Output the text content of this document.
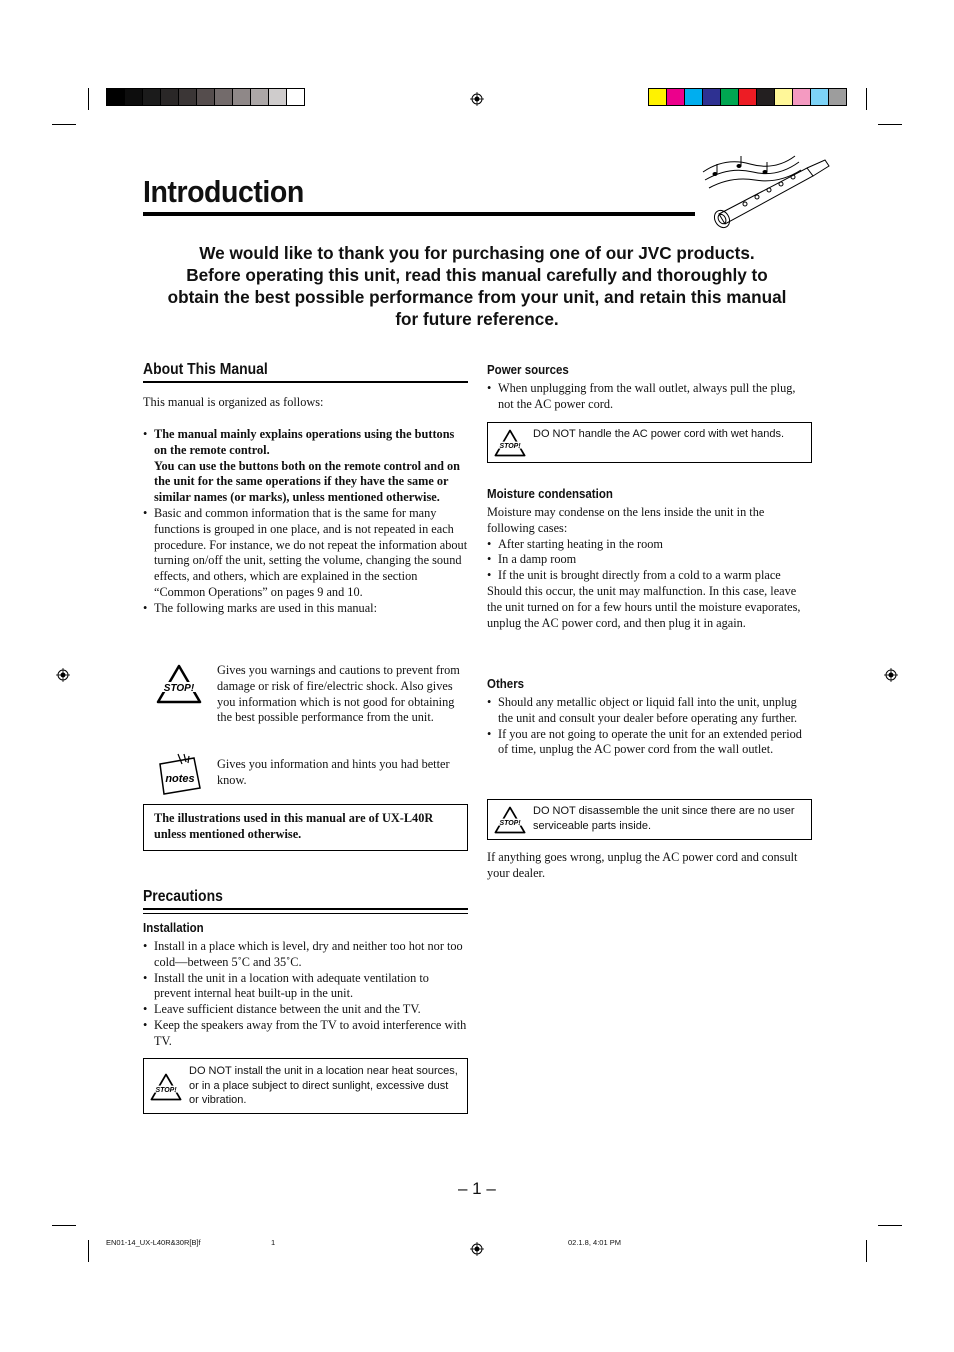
Introduction
We would like to thank you for purchasing one of our JVC products.
Before operating this unit, read this manual carefully and thoroughly to
obtain the best possible performance from your unit, and retain this manual
for future reference.
About This Manual
This manual is organized as follows:
• The manual mainly explains operations using the buttons on the remote control.
You can use the buttons both on the remote control and on the unit for the same operations if they have the same or similar names (or marks), unless mentioned otherwise.
• Basic and common information that is the same for many functions is grouped in one place, and is not repeated in each procedure. For instance, we do not repeat the information about turning on/off the unit, setting the volume, changing the sound effects, and others, which are explained in the section “Common Operations” on pages 9 and 10.
• The following marks are used in this manual:
STOP!
Gives you warnings and cautions to prevent from damage or risk of fire/electric shock. Also gives you information which is not good for obtaining the best possible performance from the unit.
notes
Gives you information and hints you had better know.
The illustrations used in this manual are of UX-L40R unless mentioned otherwise.
Precautions
Installation
• Install in a place which is level, dry and neither too hot nor too cold—between 5˚C and 35˚C.
• Install the unit in a location with adequate ventilation to prevent internal heat built-up in the unit.
• Leave sufficient distance between the unit and the TV.
• Keep the speakers away from the TV to avoid interference with TV.
STOP!
DO NOT install the unit in a location near heat sources, or in a place subject to direct sunlight, excessive dust or vibration.
Power sources
• When unplugging from the wall outlet, always pull the plug, not the AC power cord.
STOP!
DO NOT handle the AC power cord with wet hands.
Moisture condensation
Moisture may condense on the lens inside the unit in the following cases:
• After starting heating in the room
• In a damp room
• If the unit is brought directly from a cold to a warm place
Should this occur, the unit may malfunction. In this case, leave the unit turned on for a few hours until the moisture evaporates, unplug the AC power cord, and then plug it in again.
Others
• Should any metallic object or liquid fall into the unit, unplug the unit and consult your dealer before operating any further.
• If you are not going to operate the unit for an extended period of time, unplug the AC power cord from the wall outlet.
STOP!
DO NOT disassemble the unit since there are no user serviceable parts inside.
If anything goes wrong, unplug the AC power cord and consult your dealer.
– 1 –
EN01-14_UX-L40R&30R[B]f	1	02.1.8, 4:01 PM
